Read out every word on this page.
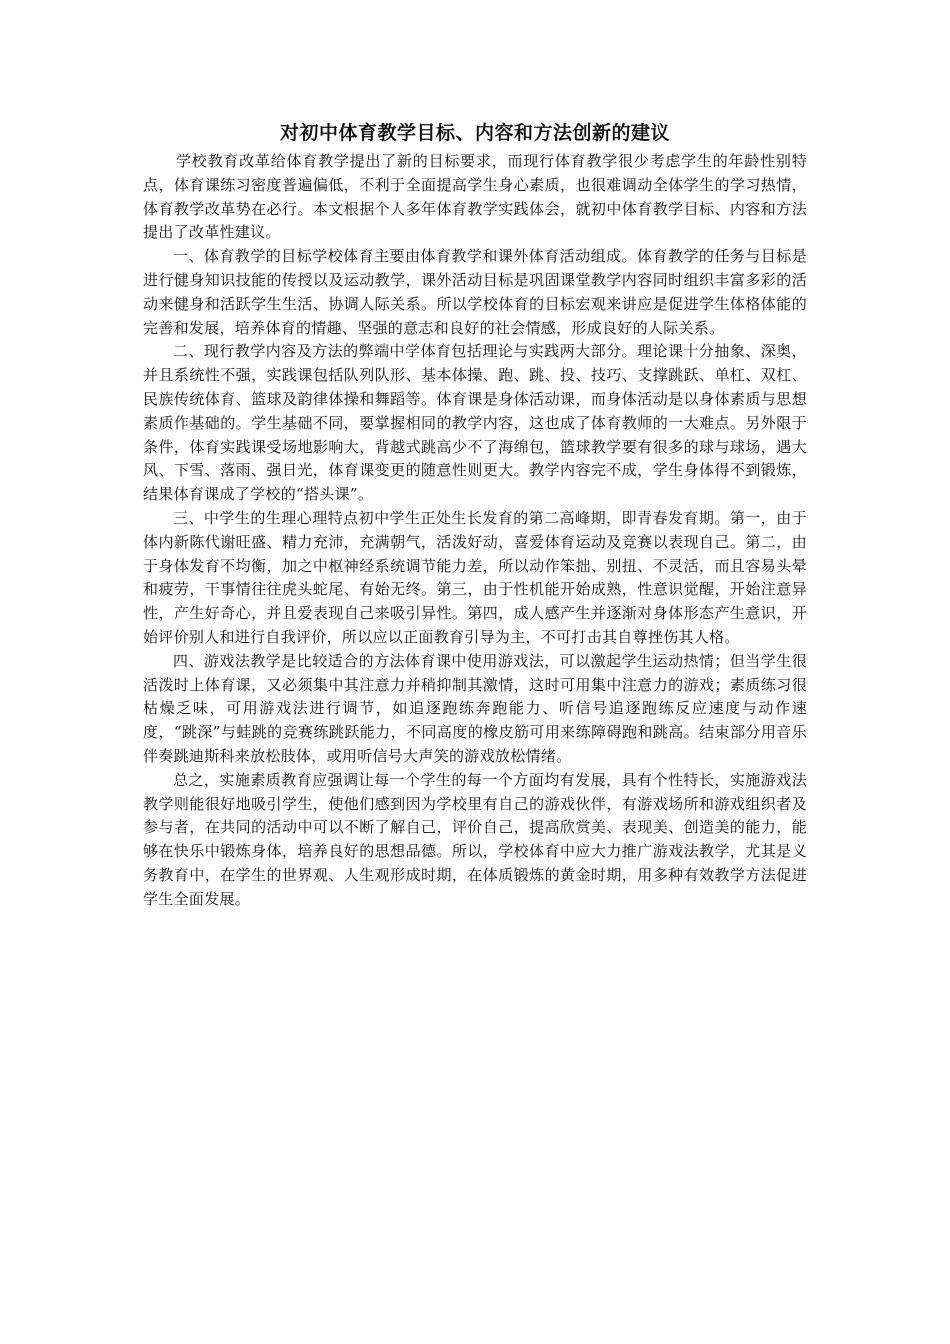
对初中体育教学目标、内容和方法创新的建议

学校教育改革给体育教学提出了新的目标要求，而现行体育教学很少考虑学生的年龄性别特点，体育课练习密度普遍偏低，不利于全面提高学生身心素质，也很难调动全体学生的学习热情，体育教学改革势在必行。本文根据个人多年体育教学实践体会，就初中体育教学目标、内容和方法提出了改革性建议。

一、体育教学的目标学校体育主要由体育教学和课外体育活动组成。体育教学的任务与目标是进行健身知识技能的传授以及运动教学，课外活动目标是巩固课堂教学内容同时组织丰富多彩的活动来健身和活跃学生生活、协调人际关系。所以学校体育的目标宏观来讲应是促进学生体格体能的完善和发展，培养体育的情趣、坚强的意志和良好的社会情感，形成良好的人际关系。

二、现行教学内容及方法的弊端中学体育包括理论与实践两大部分。理论课十分抽象、深奥，并且系统性不强，实践课包括队列队形、基本体操、跑、跳、投、技巧、支撑跳跃、单杠、双杠、民族传统体育、篮球及韵律体操和舞蹈等。体育课是身体活动课，而身体活动是以身体素质与思想素质作基础的。学生基础不同，要掌握相同的教学内容，这也成了体育教师的一大难点。另外限于条件，体育实践课受场地影响大，背越式跳高少不了海绵包，篮球教学要有很多的球与球场，遇大风、下雪、落雨、强日光，体育课变更的随意性则更大。教学内容完不成，学生身体得不到锻炼，结果体育课成了学校的“搭头课”。

三、中学生的生理心理特点初中学生正处生长发育的第二高峰期，即青春发育期。第一，由于体内新陈代谢旺盛、精力充沛，充满朝气，活泼好动，喜爱体育运动及竞赛以表现自己。第二，由于身体发育不均衡，加之中枢神经系统调节能力差，所以动作笨拙、别扭、不灵活，而且容易头晕和疲劳，干事情往往虎头蛇尾、有始无终。第三，由于性机能开始成熟，性意识觉醒，开始注意异性，产生好奇心，并且爱表现自己来吸引异性。第四，成人感产生并逐渐对身体形态产生意识，开始评价别人和进行自我评价，所以应以正面教育引导为主，不可打击其自尊挫伤其人格。

四、游戏法教学是比较适合的方法体育课中使用游戏法，可以激起学生运动热情；但当学生很活泼时上体育课，又必须集中其注意力并稍抑制其激情，这时可用集中注意力的游戏；素质练习很枯燥乏味，可用游戏法进行调节，如追逐跑练奔跑能力、听信号追逐跑练反应速度与动作速度，“跳深”与蛙跳的竞赛练跳跃能力，不同高度的橡皮筋可用来练障碍跑和跳高。结束部分用音乐伴奏跳迪斯科来放松肢体，或用听信号大声笑的游戏放松情绪。

总之，实施素质教育应强调让每一个学生的每一个方面均有发展，具有个性特长，实施游戏法教学则能很好地吸引学生，使他们感到因为学校里有自己的游戏伙伴，有游戏场所和游戏组织者及参与者，在共同的活动中可以不断了解自己，评价自己，提高欣赏美、表现美、创造美的能力，能够在快乐中锻炼身体，培养良好的思想品德。所以，学校体育中应大力推广游戏法教学，尤其是义务教育中，在学生的世界观、人生观形成时期，在体质锻炼的黄金时期，用多种有效教学方法促进学生全面发展。
